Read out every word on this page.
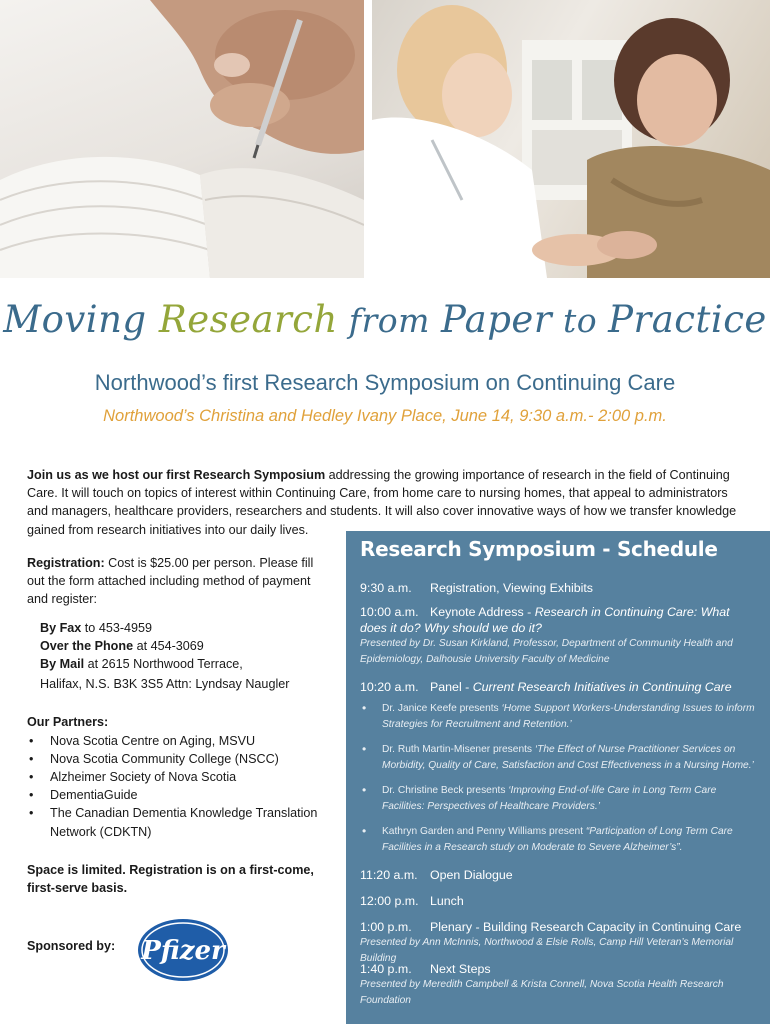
Moving Research from Paper to Practice
Northwood’s first Research Symposium on Continuing Care
Northwood’s Christina and Hedley Ivany Place, June 14, 9:30 a.m.- 2:00 p.m.
Join us as we host our first Research Symposium addressing the growing importance of research in the field of Continuing Care. It will touch on topics of interest within Continuing Care, from home care to nursing homes, that appeal to administrators and managers, healthcare providers, researchers and students. It will also cover innovative ways of how we transfer knowledge gained from research initiatives into our daily lives.
Registration: Cost is $25.00 per person. Please fill out the form attached including method of payment and register:
By Fax to 453-4959
Over the Phone at 454-3069
By Mail at 2615 Northwood Terrace,
Halifax, N.S. B3K 3S5 Attn: Lyndsay Naugler
Our Partners:
• Nova Scotia Centre on Aging, MSVU
• Nova Scotia Community College (NSCC)
• Alzheimer Society of Nova Scotia
• DementiaGuide
• The Canadian Dementia Knowledge Translation Network (CDKTN)
Space is limited. Registration is on a first-come, first-serve basis.
Sponsored by:	Pfizer
Research Symposium - Schedule
9:30 a.m. Registration, Viewing Exhibits
10:00 a.m. Keynote Address - Research in Continuing Care: What does it do? Why should we do it?
Presented by Dr. Susan Kirkland, Professor, Department of Community Health and Epidemiology, Dalhousie University Faculty of Medicine
10:20 a.m. Panel - Current Research Initiatives in Continuing Care
• Dr. Janice Keefe presents ‘Home Support Workers-Understanding Issues to inform Strategies for Recruitment and Retention.’
• Dr. Ruth Martin-Misener presents ‘The Effect of Nurse Practitioner Services on Morbidity, Quality of Care, Satisfaction and Cost Effectiveness in a Nursing Home.’
• Dr. Christine Beck presents ‘Improving End-of-life Care in Long Term Care Facilities: Perspectives of Healthcare Providers.’
• Kathryn Garden and Penny Williams present “Participation of Long Term Care Facilities in a Research study on Moderate to Severe Alzheimer’s”.
11:20 a.m. Open Dialogue
12:00 p.m. Lunch
1:00 p.m. Plenary - Building Research Capacity in Continuing Care
Presented by Ann McInnis, Northwood & Elsie Rolls, Camp Hill Veteran’s Memorial Building
1:40 p.m. Next Steps
Presented by Meredith Campbell & Krista Connell, Nova Scotia Health Research Foundation
